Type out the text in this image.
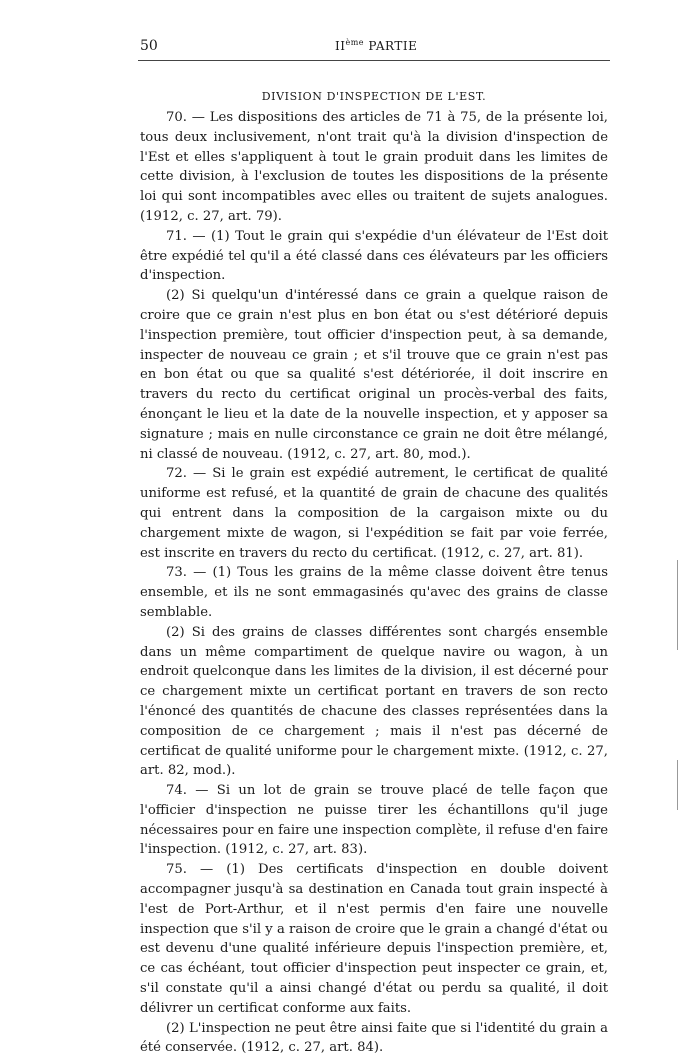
50	IIème PARTIE
DIVISION D'INSPECTION DE L'EST.

70. — Les dispositions des articles de 71 à 75, de la présente loi, tous deux inclusivement, n'ont trait qu'à la division d'inspection de l'Est et elles s'appliquent à tout le grain produit dans les limites de cette division, à l'exclusion de toutes les dispositions de la présente loi qui sont incompatibles avec elles ou traitent de sujets analogues. (1912, c. 27, art. 79).

71. — (1) Tout le grain qui s'expédie d'un élévateur de l'Est doit être expédié tel qu'il a été classé dans ces élévateurs par les officiers d'inspection.

(2) Si quelqu'un d'intéressé dans ce grain a quelque raison de croire que ce grain n'est plus en bon état ou s'est détérioré depuis l'inspection première, tout officier d'inspection peut, à sa demande, inspecter de nouveau ce grain ; et s'il trouve que ce grain n'est pas en bon état ou que sa qualité s'est détériorée, il doit inscrire en travers du recto du certificat original un procès-verbal des faits, énonçant le lieu et la date de la nouvelle inspection, et y apposer sa signature ; mais en nulle circonstance ce grain ne doit être mélangé, ni classé de nouveau. (1912, c. 27, art. 80, mod.).

72. — Si le grain est expédié autrement, le certificat de qualité uniforme est refusé, et la quantité de grain de chacune des qualités qui entrent dans la composition de la cargaison mixte ou du chargement mixte de wagon, si l'expédition se fait par voie ferrée, est inscrite en travers du recto du certificat. (1912, c. 27, art. 81).

73. — (1) Tous les grains de la même classe doivent être tenus ensemble, et ils ne sont emmagasinés qu'avec des grains de classe semblable.

(2) Si des grains de classes différentes sont chargés ensemble dans un même compartiment de quelque navire ou wagon, à un endroit quelconque dans les limites de la division, il est décerné pour ce chargement mixte un certificat portant en travers de son recto l'énoncé des quantités de chacune des classes représentées dans la composition de ce chargement ; mais il n'est pas décerné de certificat de qualité uniforme pour le chargement mixte. (1912, c. 27, art. 82, mod.).

74. — Si un lot de grain se trouve placé de telle façon que l'officier d'inspection ne puisse tirer les échantillons qu'il juge nécessaires pour en faire une inspection complète, il refuse d'en faire l'inspection. (1912, c. 27, art. 83).

75. — (1) Des certificats d'inspection en double doivent accompagner jusqu'à sa destination en Canada tout grain inspecté à l'est de Port-Arthur, et il n'est permis d'en faire une nouvelle inspection que s'il y a raison de croire que le grain a changé d'état ou est devenu d'une qualité inférieure depuis l'inspection première, et, ce cas échéant, tout officier d'inspection peut inspecter ce grain, et, s'il constate qu'il a ainsi changé d'état ou perdu sa qualité, il doit délivrer un certificat conforme aux faits.

(2) L'inspection ne peut être ainsi faite que si l'identité du grain a été conservée. (1912, c. 27, art. 84).
